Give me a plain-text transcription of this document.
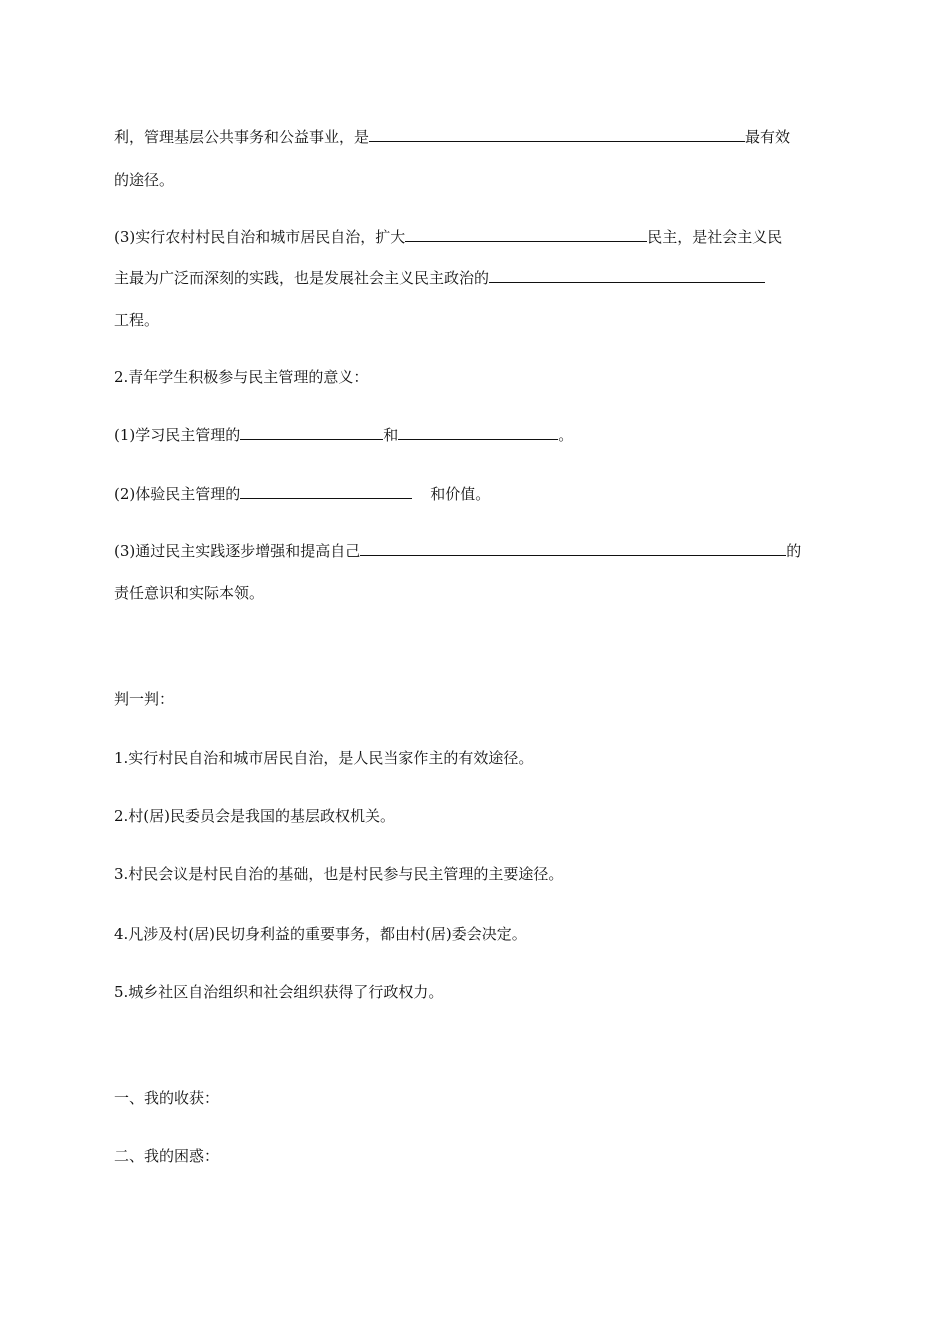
利，管理基层公共事务和公益事业，是	最有效
的途径。
(3)实行农村村民自治和城市居民自治，扩大	民主，是社会主义民
主最为广泛而深刻的实践，也是发展社会主义民主政治的
工程。
2.青年学生积极参与民主管理的意义：
(1)学习民主管理的	和	。
(2)体验民主管理的	和价值。
(3)通过民主实践逐步增强和提高自己	的
责任意识和实际本领。
判一判：
1.实行村民自治和城市居民自治，是人民当家作主的有效途径。
2.村(居)民委员会是我国的基层政权机关。
3.村民会议是村民自治的基础，也是村民参与民主管理的主要途径。
4.凡涉及村(居)民切身利益的重要事务，都由村(居)委会决定。
5.城乡社区自治组织和社会组织获得了行政权力。
一、我的收获：
二、我的困惑：
